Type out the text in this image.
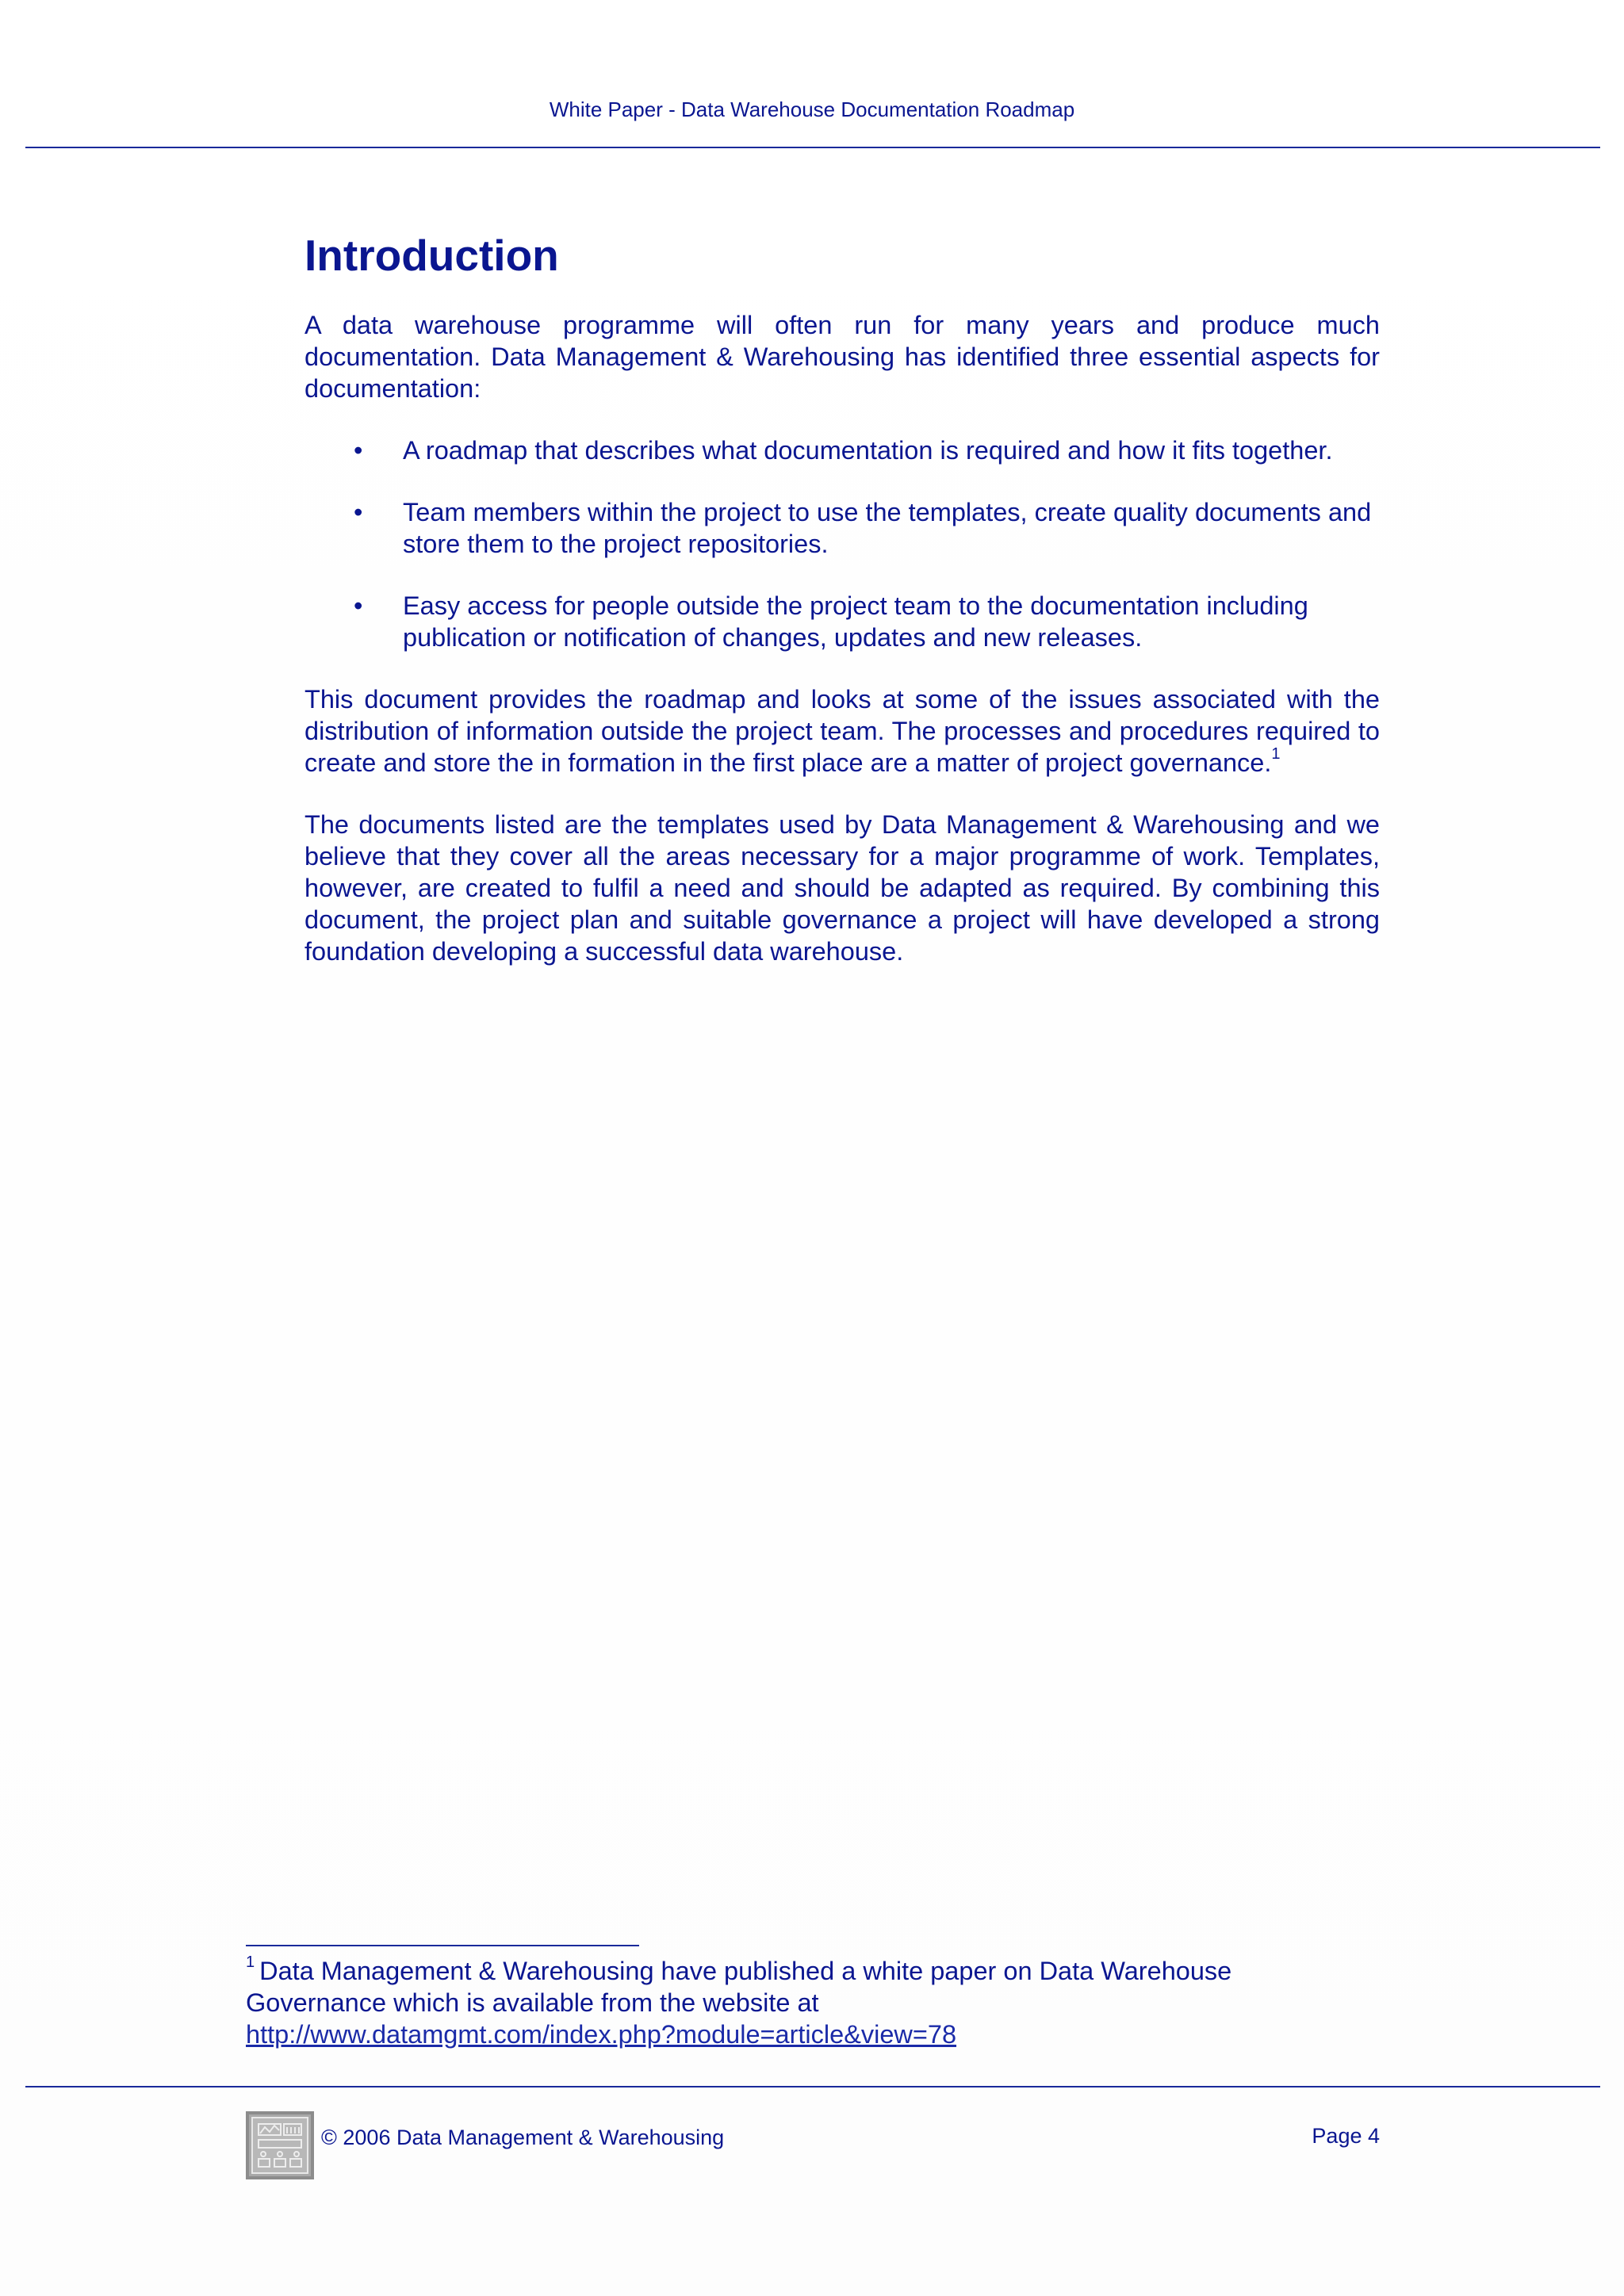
White Paper - Data Warehouse Documentation Roadmap
Introduction

A data warehouse programme will often run for many years and produce much documentation. Data Management & Warehousing has identified three essential aspects for documentation:

• A roadmap that describes what documentation is required and how it fits together.
• Team members within the project to use the templates, create quality documents and store them to the project repositories.
• Easy access for people outside the project team to the documentation including publication or notification of changes, updates and new releases.

This document provides the roadmap and looks at some of the issues associated with the distribution of information outside the project team. The processes and procedures required to create and store the in formation in the first place are a matter of project governance.$^1$

The documents listed are the templates used by Data Management & Warehousing and we believe that they cover all the areas necessary for a major programme of work. Templates, however, are created to fulfil a need and should be adapted as required. By combining this document, the project plan and suitable governance a project will have developed a strong foundation developing a successful data warehouse.

$^1$ Data Management & Warehousing have published a white paper on Data Warehouse
Governance which is available from the website at
http://www.datamgmt.com/index.php?module=article&view=78
© 2006 Data Management & Warehousing	Page 4
